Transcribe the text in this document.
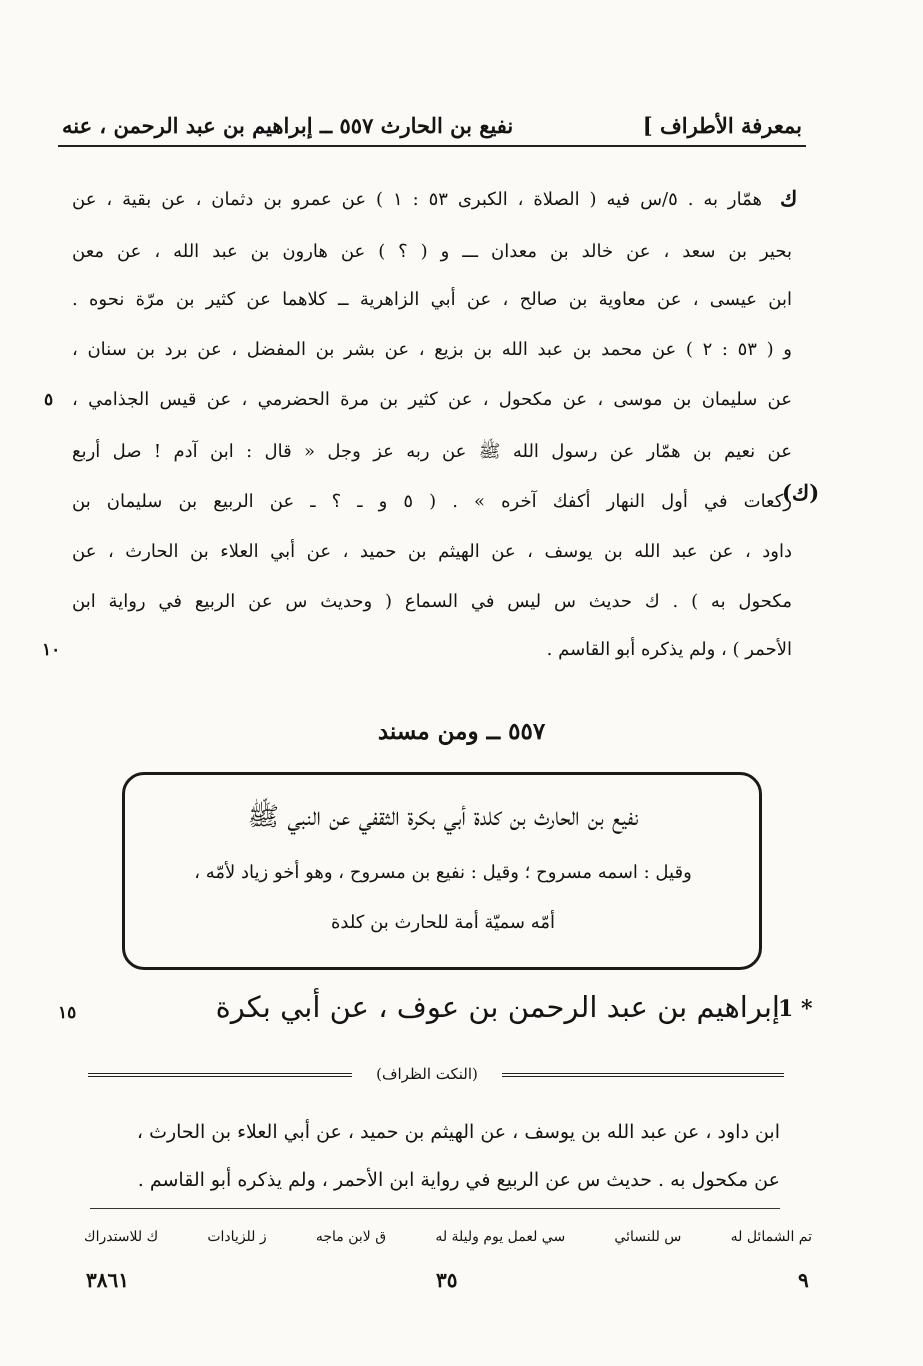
بمعرفة الأطراف ]
نفيع بن الحارث ٥٥٧ ــ إبراهيم بن عبد الرحمن ، عنه
ك
همّار به . ٥/س فيه ( الصلاة ، الكبرى ٥٣ : ١ ) عن عمرو بن دثمان ، عن بقية ، عن
بحير بن سعد ، عن خالد بن معدان ـــ و ( ؟ ) عن هارون بن عبد الله ، عن معن
ابن عيسى ، عن معاوية بن صالح ، عن أبي الزاهرية ــ كلاهما عن كثير بن مرّة نحوه .
و ( ٥٣ : ٢ ) عن محمد بن عبد الله بن بزيع ، عن بشر بن المفضل ، عن برد بن سنان ،
عن سليمان بن موسى ، عن مكحول ، عن كثير بن مرة الحضرمي ، عن قيس الجذامي ،
عن نعيم بن همّار عن رسول الله ﷺ عن ربه عز وجل « قال : ابن آدم ! صل أربع
ركعات في أول النهار أكفك آخره » . ( ٥ و ـ ؟ ـ عن الربيع بن سليمان بن
داود ، عن عبد الله بن يوسف ، عن الهيثم بن حميد ، عن أبي العلاء بن الحارث ، عن
مكحول به ) . ك حديث س ليس في السماع ( وحديث س عن الربيع في رواية ابن
الأحمر ) ، ولم يذكره أبو القاسم .
(ك)
٥
١٠
٥٥٧ ــ ومن مسند
نفيع بن الحارث بن كلدة أبي بكرة الثقفي عن النبي ﷺ
وقيل : اسمه مسروح ؛ وقيل : نفيع بن مسروح ، وهو أخو زياد لأمّه ،
أمّه سميّة أمة للحارث بن كلدة
1 *
إبراهيم بن عبد الرحمن بن عوف ، عن أبي بكرة
١٥
(النكت الظراف)
ابن داود ، عن عبد الله بن يوسف ، عن الهيثم بن حميد ، عن أبي العلاء بن الحارث ،
عن مكحول به . حديث س عن الربيع في رواية ابن الأحمر ، ولم يذكره أبو القاسم .
تم الشمائل له
س للنسائي
سي لعمل يوم وليلة له
ق لابن ماجه
ز للزيادات
ك للاستدراك
٣٥	٩
٣٨٦١
